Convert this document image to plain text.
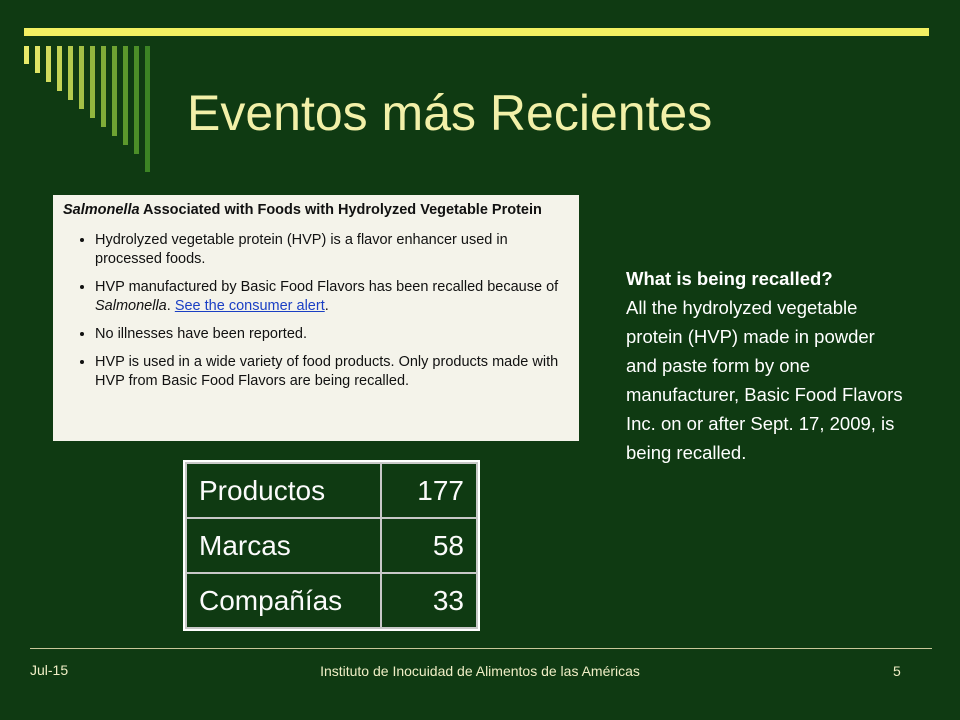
Eventos más Recientes

Salmonella Associated with Foods with Hydrolyzed Vegetable Protein

• Hydrolyzed vegetable protein (HVP) is a flavor enhancer used in processed foods.
• HVP manufactured by Basic Food Flavors has been recalled because of Salmonella. See the consumer alert.
• No illnesses have been reported.
• HVP is used in a wide variety of food products. Only products made with HVP from Basic Food Flavors are being recalled.
Productos	177
Marcas	58
Compañías	33
What is being recalled?
All the hydrolyzed vegetable protein (HVP) made in powder and paste form by one manufacturer, Basic Food Flavors Inc. on or after Sept. 17, 2009, is being recalled.
Jul-15	Instituto de Inocuidad de Alimentos de las Américas	5
